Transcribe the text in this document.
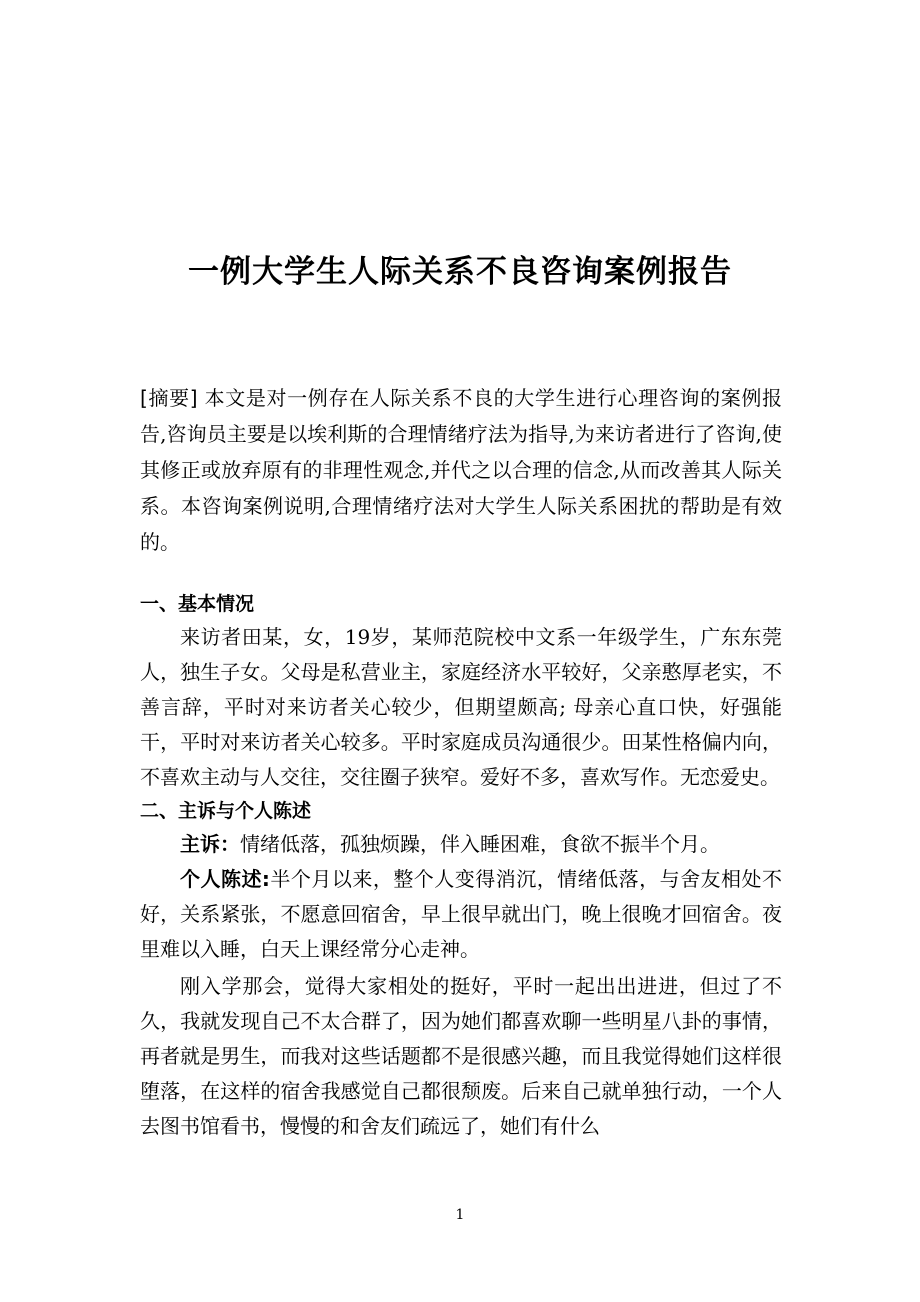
一例大学生人际关系不良咨询案例报告

[摘要] 本文是对一例存在人际关系不良的大学生进行心理咨询的案例报告,咨询员主要是以埃利斯的合理情绪疗法为指导,为来访者进行了咨询,使其修正或放弃原有的非理性观念,并代之以合理的信念,从而改善其人际关系。本咨询案例说明,合理情绪疗法对大学生人际关系困扰的帮助是有效的。

一、基本情况

来访者田某，女，19岁，某师范院校中文系一年级学生，广东东莞人，独生子女。父母是私营业主，家庭经济水平较好，父亲憨厚老实，不善言辞，平时对来访者关心较少，但期望颇高; 母亲心直口快，好强能干，平时对来访者关心较多。平时家庭成员沟通很少。田某性格偏内向，不喜欢主动与人交往，交往圈子狭窄。爱好不多，喜欢写作。无恋爱史。

二、主诉与个人陈述

主诉：情绪低落，孤独烦躁，伴入睡困难，食欲不振半个月。

个人陈述:半个月以来，整个人变得消沉，情绪低落，与舍友相处不好，关系紧张，不愿意回宿舍，早上很早就出门，晚上很晚才回宿舍。夜里难以入睡，白天上课经常分心走神。

刚入学那会，觉得大家相处的挺好，平时一起出出进进，但过了不久，我就发现自己不太合群了，因为她们都喜欢聊一些明星八卦的事情，再者就是男生，而我对这些话题都不是很感兴趣，而且我觉得她们这样很堕落，在这样的宿舍我感觉自己都很颓废。后来自己就单独行动，一个人去图书馆看书，慢慢的和舍友们疏远了，她们有什么

1
